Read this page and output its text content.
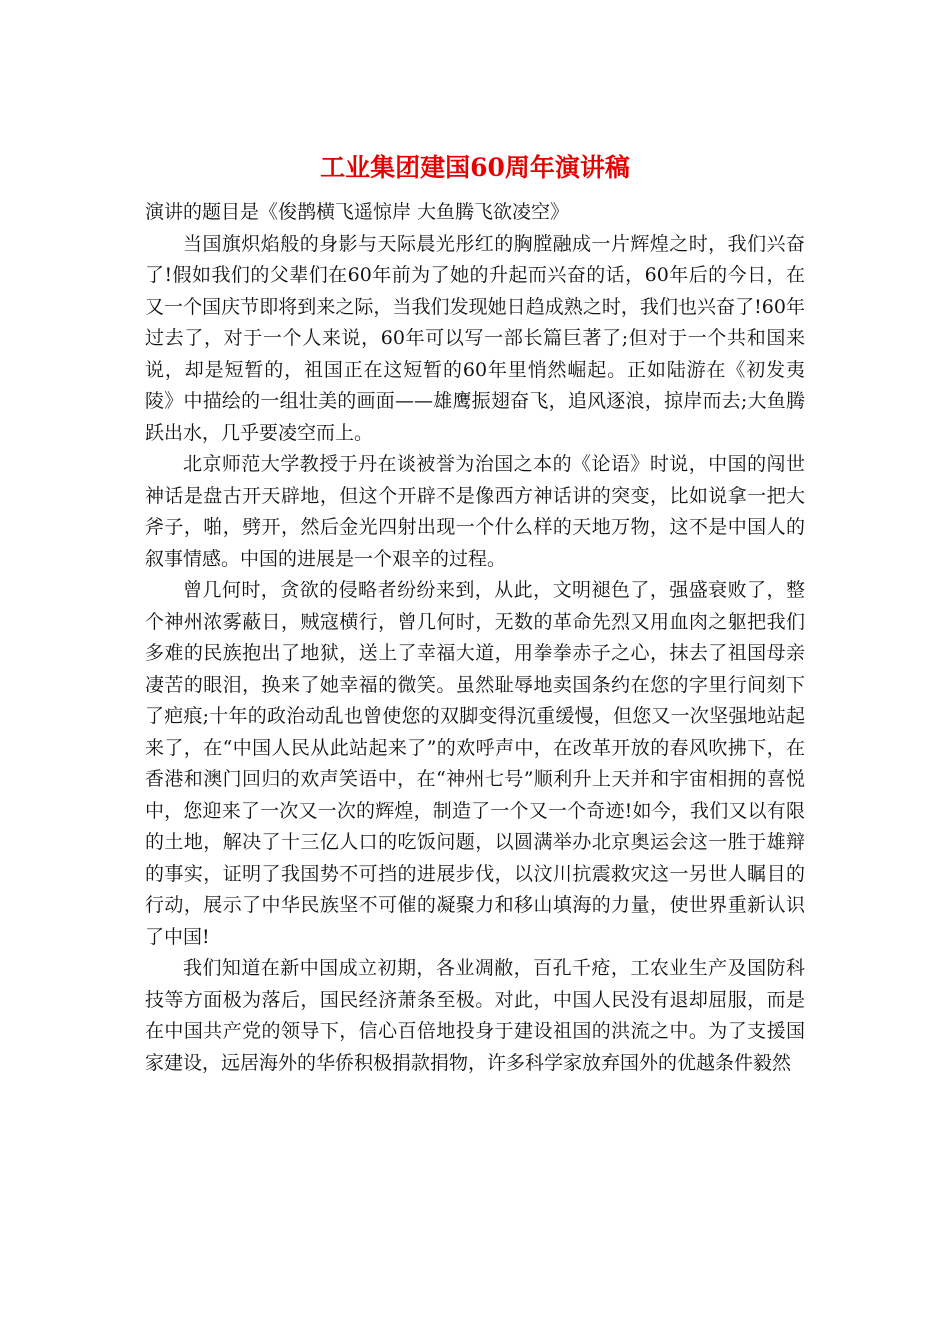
工业集团建国60周年演讲稿

演讲的题目是《俊鹊横飞遥惊岸 大鱼腾飞欲凌空》

当国旗炽焰般的身影与天际晨光彤红的胸膛融成一片辉煌之时，我们兴奋了!假如我们的父辈们在60年前为了她的升起而兴奋的话，60年后的今日，在又一个国庆节即将到来之际，当我们发现她日趋成熟之时，我们也兴奋了!60年过去了，对于一个人来说，60年可以写一部长篇巨著了;但对于一个共和国来说，却是短暂的，祖国正在这短暂的60年里悄然崛起。正如陆游在《初发夷陵》中描绘的一组壮美的画面——雄鹰振翅奋飞，追风逐浪，掠岸而去;大鱼腾跃出水，几乎要凌空而上。

北京师范大学教授于丹在谈被誉为治国之本的《论语》时说，中国的闯世神话是盘古开天辟地，但这个开辟不是像西方神话讲的突变，比如说拿一把大斧子，啪，劈开，然后金光四射出现一个什么样的天地万物，这不是中国人的叙事情感。中国的进展是一个艰辛的过程。

曾几何时，贪欲的侵略者纷纷来到，从此，文明褪色了，强盛衰败了，整个神州浓雾蔽日，贼寇横行，曾几何时，无数的革命先烈又用血肉之躯把我们多难的民族抱出了地狱，送上了幸福大道，用拳拳赤子之心，抹去了祖国母亲凄苦的眼泪，换来了她幸福的微笑。虽然耻辱地卖国条约在您的字里行间刻下了疤痕;十年的政治动乱也曾使您的双脚变得沉重缓慢，但您又一次坚强地站起来了，在“中国人民从此站起来了”的欢呼声中，在改革开放的春风吹拂下，在香港和澳门回归的欢声笑语中，在“神州七号”顺利升上天并和宇宙相拥的喜悦中，您迎来了一次又一次的辉煌，制造了一个又一个奇迹!如今，我们又以有限的土地，解决了十三亿人口的吃饭问题，以圆满举办北京奥运会这一胜于雄辩的事实，证明了我国势不可挡的进展步伐，以汶川抗震救灾这一另世人瞩目的行动，展示了中华民族坚不可催的凝聚力和移山填海的力量，使世界重新认识了中国!

我们知道在新中国成立初期，各业凋敝，百孔千疮，工农业生产及国防科技等方面极为落后，国民经济萧条至极。对此，中国人民没有退却屈服，而是在中国共产党的领导下，信心百倍地投身于建设祖国的洪流之中。为了支援国家建设，远居海外的华侨积极捐款捐物，许多科学家放弃国外的优越条件毅然
